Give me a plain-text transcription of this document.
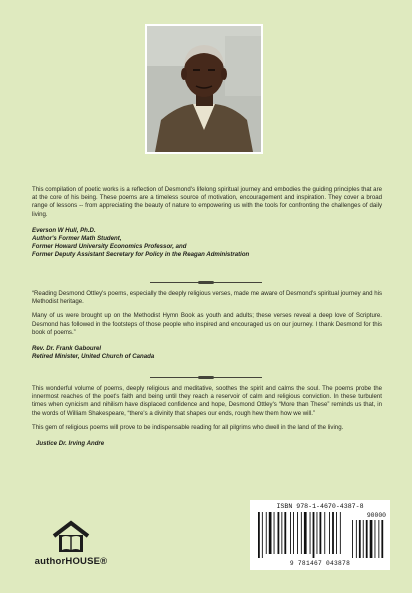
This compilation of poetic works is a reflection of Desmond's lifelong spiritual journey and embodies the guiding principles that are at the core of his being. These poems are a timeless source of motivation, encouragement and inspiration. They cover a broad range of lessons -- from appreciating the beauty of nature to empowering us with the tools for confronting the challenges of daily living.

Everson W Hull, Ph.D.
Author's Former Math Student,
Former Howard University Economics Professor, and
Former Deputy Assistant Secretary for Policy in the Reagan Administration

“Reading Desmond Ottley's poems, especially the deeply religious verses, made me aware of Desmond's spiritual journey and his Methodist heritage.

Many of us were brought up on the Methodist Hymn Book as youth and adults; these verses reveal a deep love of Scripture. Desmond has followed in the footsteps of those people who inspired and encouraged us on our journey. I thank Desmond for this book of poems.”

Rev. Dr. Frank Gabourel
Retired Minister, United Church of Canada

This wonderful volume of poems, deeply religious and meditative, soothes the spirit and calms the soul. The poems probe the innermost reaches of the poet's faith and being until they reach a reservoir of calm and religious conviction. In these turbulent times when cynicism and nihilism have displaced confidence and hope, Desmond Ottley's “More than These” reminds us that, in the words of William Shakespeare, “there's a divinity that shapes our ends, rough hew them how we will.”

This gem of religious poems will prove to be indispensable reading for all pilgrims who dwell in the land of the living.

Justice Dr. Irving Andre
authorHOUSE®
ISBN 978-1-4670-4387-8
9 781467 043878
90000
